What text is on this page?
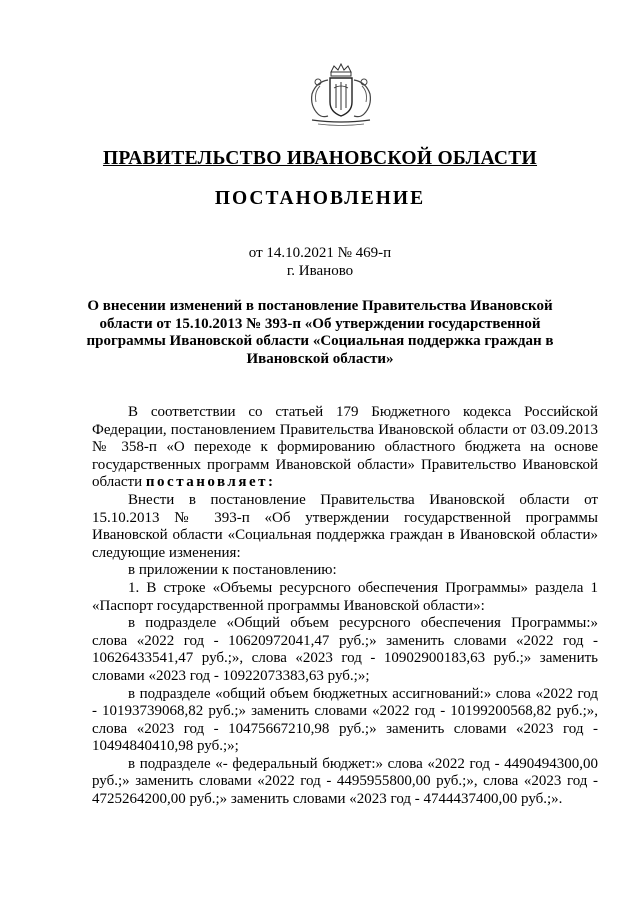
ПРАВИТЕЛЬСТВО ИВАНОВСКОЙ ОБЛАСТИ
ПОСТАНОВЛЕНИЕ
от 14.10.2021 № 469-п
г. Иваново
О внесении изменений в постановление Правительства Ивановской области от 15.10.2013 № 393-п «Об утверждении государственной программы Ивановской области «Социальная поддержка граждан в Ивановской области»

В соответствии со статьей 179 Бюджетного кодекса Российской Федерации, постановлением Правительства Ивановской области от 03.09.2013 № 358-п «О переходе к формированию областного бюджета на основе государственных программ Ивановской области» Правительство Ивановской области постановляет:

Внести в постановление Правительства Ивановской области от 15.10.2013 № 393-п «Об утверждении государственной программы Ивановской области «Социальная поддержка граждан в Ивановской области» следующие изменения:

в приложении к постановлению:

1. В строке «Объемы ресурсного обеспечения Программы» раздела 1 «Паспорт государственной программы Ивановской области»:

в подразделе «Общий объем ресурсного обеспечения Программы:» слова «2022 год - 10620972041,47 руб.;» заменить словами «2022 год - 10626433541,47 руб.;», слова «2023 год - 10902900183,63 руб.;» заменить словами «2023 год - 10922073383,63 руб.;»;

в подразделе «общий объем бюджетных ассигнований:» слова «2022 год - 10193739068,82 руб.;» заменить словами «2022 год - 10199200568,82 руб.;», слова «2023 год - 10475667210,98 руб.;» заменить словами «2023 год - 10494840410,98 руб.;»;

в подразделе «- федеральный бюджет:» слова «2022 год - 4490494300,00 руб.;» заменить словами «2022 год - 4495955800,00 руб.;», слова «2023 год - 4725264200,00 руб.;» заменить словами «2023 год - 4744437400,00 руб.;».
